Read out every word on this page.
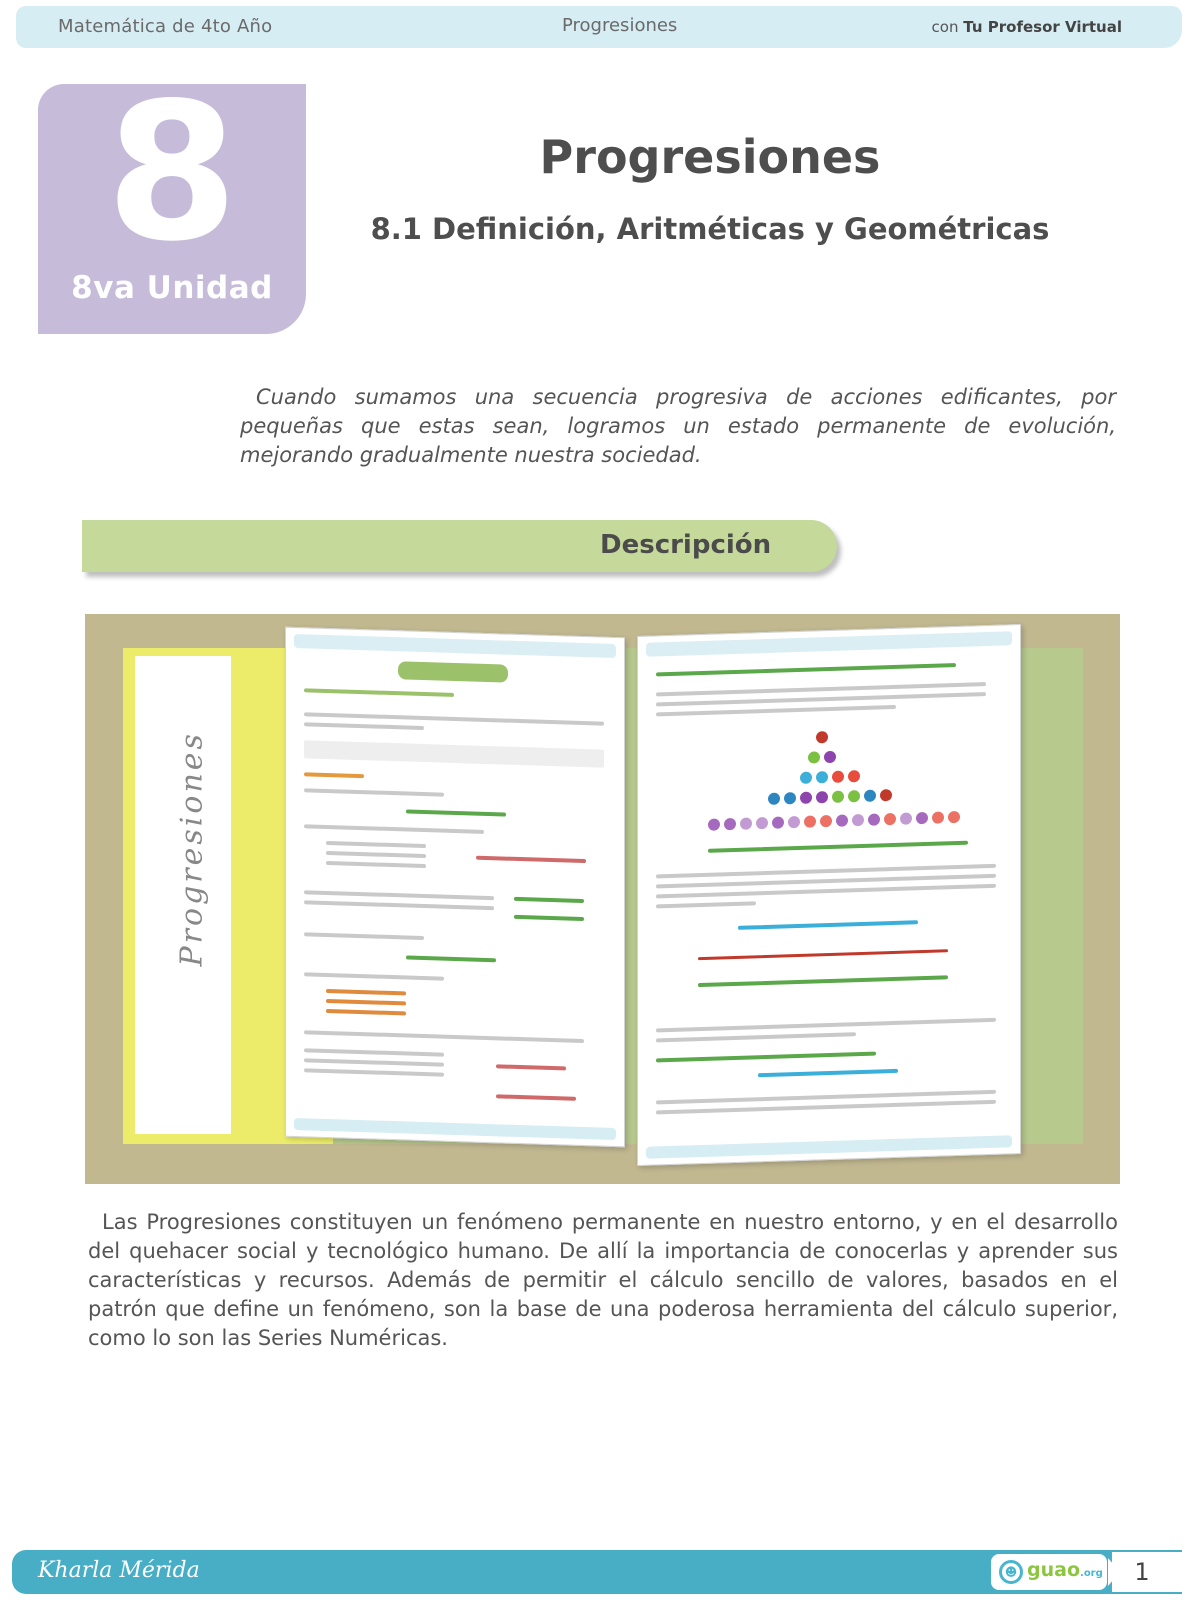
Matemática de 4to Año	Progresiones	con Tu Profesor Virtual
8
8va Unidad
Progresiones
8.1 Definición, Aritméticas y Geométricas

Cuando sumamos una secuencia progresiva de acciones edificantes, por pequeñas que estas sean, logramos un estado permanente de evolución, mejorando gradualmente nuestra sociedad.

Descripción

Las Progresiones constituyen un fenómeno permanente en nuestro entorno, y en el desarrollo del quehacer social y tecnológico humano. De allí la importancia de conocerlas y aprender sus características y recursos. Además de permitir el cálculo sencillo de valores, basados en el patrón que define un fenómeno, son la base de una poderosa herramienta del cálculo superior, como lo son las Series Numéricas.

Kharla Mérida	☻ guao.org	1
